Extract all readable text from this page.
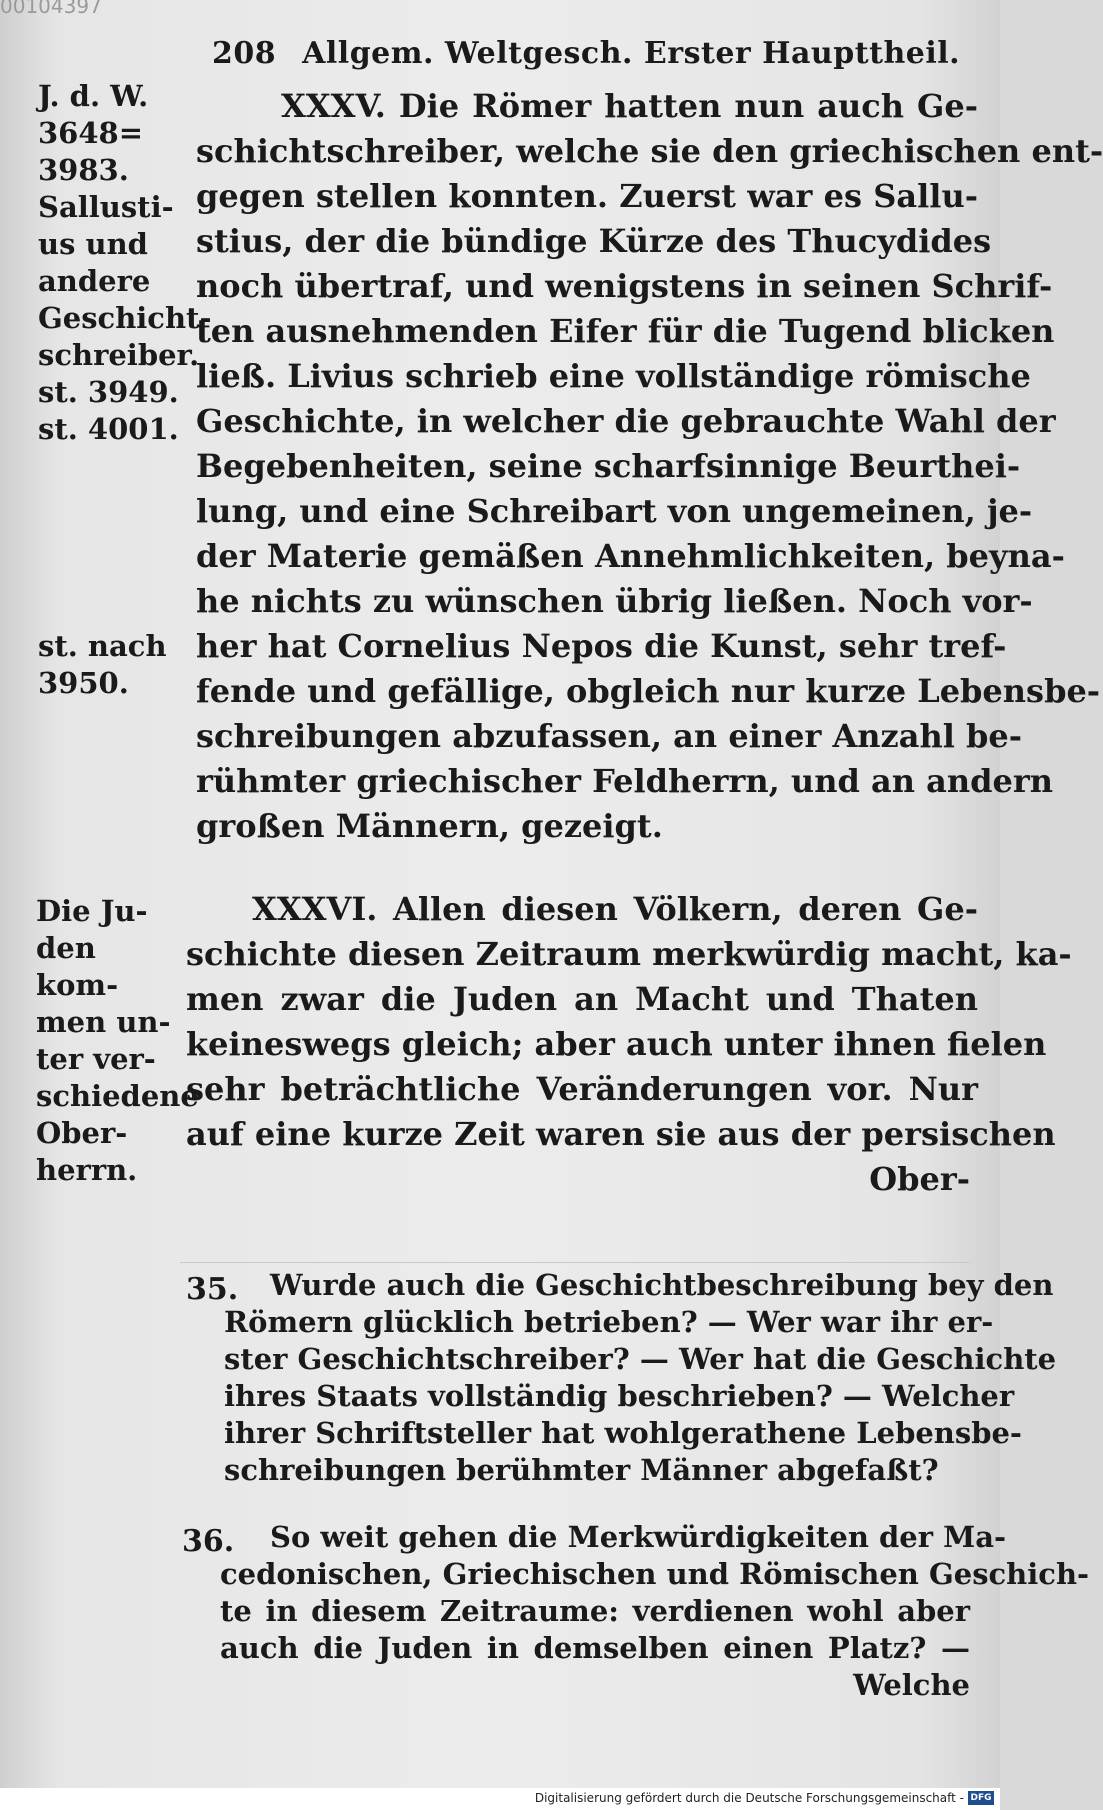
00104397
208 Allgem. Weltgesch. Erster Haupttheil.
J. d. W.
3648=
3983.
Sallusti-
us und
andere
Geschicht-
schreiber.
st. 3949.
st. 4001.
st. nach
3950.
Die Ju-
den kom-
men un-
ter ver-
schiedene
Ober-
herrn.
XXXV. Die Römer hatten nun auch Ge-
schichtschreiber, welche sie den griechischen ent-
gegen stellen konnten. Zuerst war es Sallu-
stius, der die bündige Kürze des Thucydides
noch übertraf, und wenigstens in seinen Schrif-
ten ausnehmenden Eifer für die Tugend blicken
ließ. Livius schrieb eine vollständige römische
Geschichte, in welcher die gebrauchte Wahl der
Begebenheiten, seine scharfsinnige Beurthei-
lung, und eine Schreibart von ungemeinen, je-
der Materie gemäßen Annehmlichkeiten, beyna-
he nichts zu wünschen übrig ließen. Noch vor-
her hat Cornelius Nepos die Kunst, sehr tref-
fende und gefällige, obgleich nur kurze Lebensbe-
schreibungen abzufassen, an einer Anzahl be-
rühmter griechischer Feldherrn, und an andern
großen Männern, gezeigt.
XXXVI. Allen diesen Völkern, deren Ge-
schichte diesen Zeitraum merkwürdig macht, ka-
men zwar die Juden an Macht und Thaten
keineswegs gleich; aber auch unter ihnen fielen
sehr beträchtliche Veränderungen vor. Nur
auf eine kurze Zeit waren sie aus der persischen
Ober-
35. Wurde auch die Geschichtbeschreibung bey den
Römern glücklich betrieben? — Wer war ihr er-
ster Geschichtschreiber? — Wer hat die Geschichte
ihres Staats vollständig beschrieben? — Welcher
ihrer Schriftsteller hat wohlgerathene Lebensbe-
schreibungen berühmter Männer abgefaßt?
36. So weit gehen die Merkwürdigkeiten der Ma-
cedonischen, Griechischen und Römischen Geschich-
te in diesem Zeitraume: verdienen wohl aber
auch die Juden in demselben einen Platz? —
Welche
Digitalisierung gefördert durch die Deutsche Forschungsgemeinschaft - DFG
